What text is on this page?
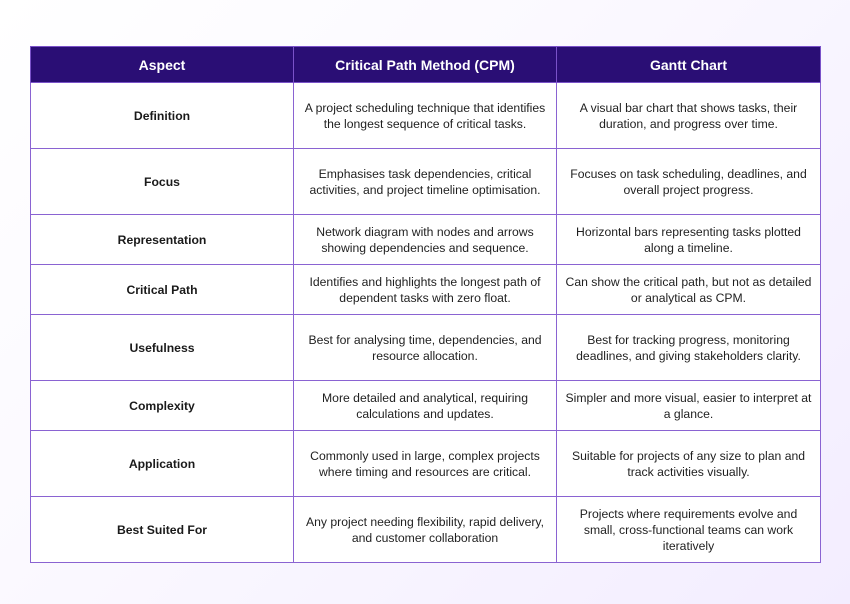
Aspect	Critical Path Method (CPM)	Gantt Chart
Definition	A project scheduling technique that identifies the longest sequence of critical tasks.	A visual bar chart that shows tasks, their duration, and progress over time.
Focus	Emphasises task dependencies, critical activities, and project timeline optimisation.	Focuses on task scheduling, deadlines, and overall project progress.
Representation	Network diagram with nodes and arrows showing dependencies and sequence.	Horizontal bars representing tasks plotted along a timeline.
Critical Path	Identifies and highlights the longest path of dependent tasks with zero float.	Can show the critical path, but not as detailed or analytical as CPM.
Usefulness	Best for analysing time, dependencies, and resource allocation.	Best for tracking progress, monitoring deadlines, and giving stakeholders clarity.
Complexity	More detailed and analytical, requiring calculations and updates.	Simpler and more visual, easier to interpret at a glance.
Application	Commonly used in large, complex projects where timing and resources are critical.	Suitable for projects of any size to plan and track activities visually.
Best Suited For	Any project needing flexibility, rapid delivery, and customer collaboration	Projects where requirements evolve and small, cross-functional teams can work iteratively
